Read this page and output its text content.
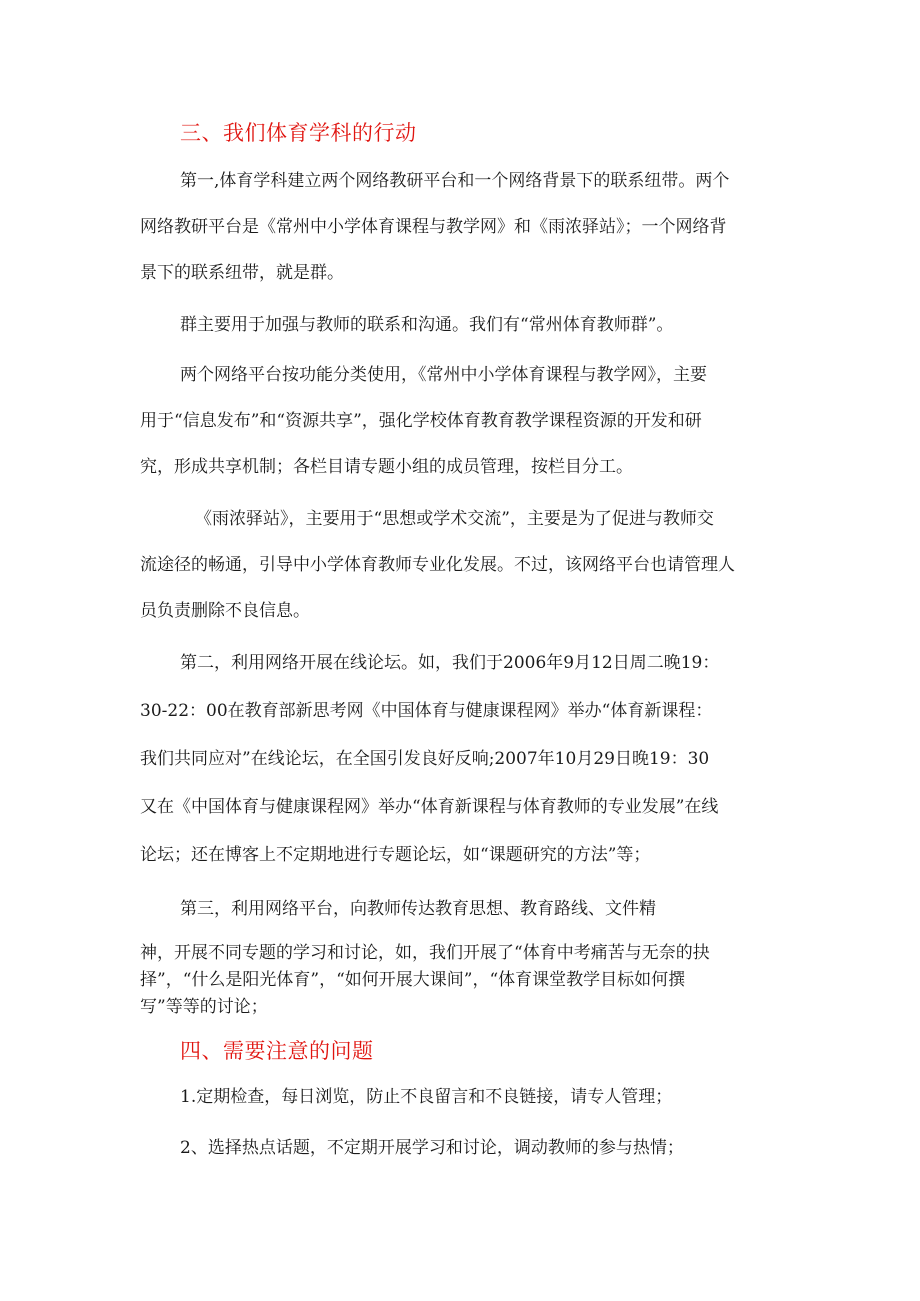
三、我们体育学科的行动

第一,体育学科建立两个网络教研平台和一个网络背景下的联系纽带。两个

网络教研平台是《常州中小学体育课程与教学网》和《雨浓驿站》；一个网络背

景下的联系纽带，就是群。

群主要用于加强与教师的联系和沟通。我们有“常州体育教师群”。

两个网络平台按功能分类使用，《常州中小学体育课程与教学网》，主要

用于“信息发布”和“资源共享”，强化学校体育教育教学课程资源的开发和研

究，形成共享机制；各栏目请专题小组的成员管理，按栏目分工。

《雨浓驿站》，主要用于“思想或学术交流”，主要是为了促进与教师交

流途径的畅通，引导中小学体育教师专业化发展。不过，该网络平台也请管理人

员负责删除不良信息。

第二，利用网络开展在线论坛。如，我们于2006年9月12日周二晚19：

30-22：00在教育部新思考网《中国体育与健康课程网》举办“体育新课程：

我们共同应对”在线论坛，在全国引发良好反响;2007年10月29日晚19：30

又在《中国体育与健康课程网》举办“体育新课程与体育教师的专业发展”在线

论坛；还在博客上不定期地进行专题论坛，如“课题研究的方法”等；

第三，利用网络平台，向教师传达教育思想、教育路线、文件精

神，开展不同专题的学习和讨论，如，我们开展了“体育中考痛苦与无奈的抉

择”，“什么是阳光体育”，“如何开展大课间”，“体育课堂教学目标如何撰

写”等等的讨论；

四、需要注意的问题

1.定期检查，每日浏览，防止不良留言和不良链接，请专人管理；

2、选择热点话题，不定期开展学习和讨论，调动教师的参与热情；
